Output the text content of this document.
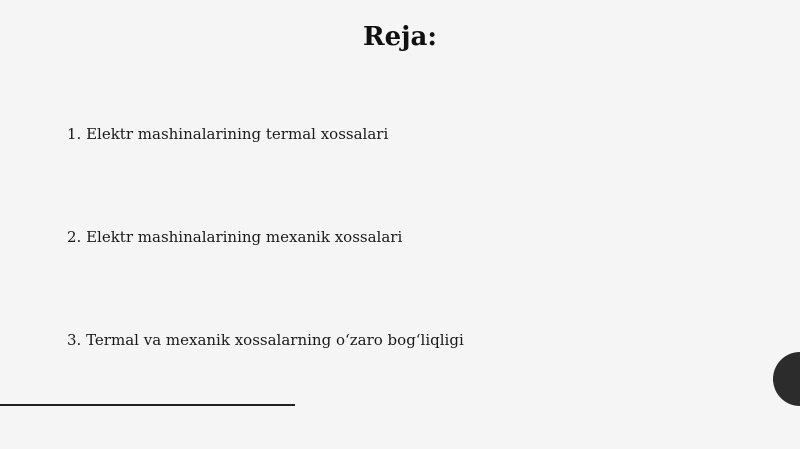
Reja:
1. Elektr mashinalarining termal xossalari
2. Elektr mashinalarining mexanik xossalari
3. Termal va mexanik xossalarning o‘zaro bog‘liqligi
